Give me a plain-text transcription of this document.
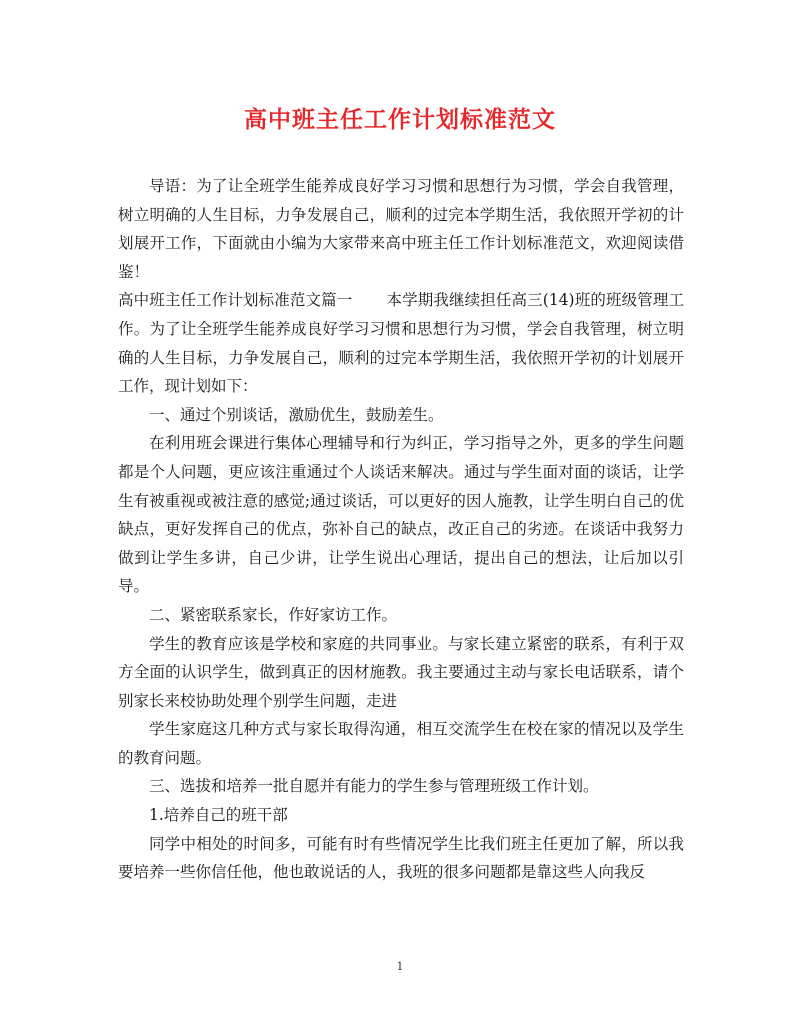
高中班主任工作计划标准范文

导语：为了让全班学生能养成良好学习习惯和思想行为习惯，学会自我管理，树立明确的人生目标，力争发展自己，顺利的过完本学期生活，我依照开学初的计划展开工作，下面就由小编为大家带来高中班主任工作计划标准范文，欢迎阅读借鉴！

高中班主任工作计划标准范文篇一 本学期我继续担任高三(14)班的班级管理工作。为了让全班学生能养成良好学习习惯和思想行为习惯，学会自我管理，树立明确的人生目标，力争发展自己，顺利的过完本学期生活，我依照开学初的计划展开工作，现计划如下：

一、通过个别谈话，激励优生，鼓励差生。

在利用班会课进行集体心理辅导和行为纠正，学习指导之外，更多的学生问题都是个人问题，更应该注重通过个人谈话来解决。通过与学生面对面的谈话，让学生有被重视或被注意的感觉;通过谈话，可以更好的因人施教，让学生明白自己的优缺点，更好发挥自己的优点，弥补自己的缺点，改正自己的劣迹。在谈话中我努力做到让学生多讲，自己少讲，让学生说出心理话，提出自己的想法，让后加以引导。

二、紧密联系家长，作好家访工作。

学生的教育应该是学校和家庭的共同事业。与家长建立紧密的联系，有利于双方全面的认识学生，做到真正的因材施教。我主要通过主动与家长电话联系，请个别家长来校协助处理个别学生问题，走进

学生家庭这几种方式与家长取得沟通，相互交流学生在校在家的情况以及学生的教育问题。

三、选拔和培养一批自愿并有能力的学生参与管理班级工作计划。

1.培养自己的班干部

同学中相处的时间多，可能有时有些情况学生比我们班主任更加了解，所以我要培养一些你信任他，他也敢说话的人，我班的很多问题都是靠这些人向我反

1
